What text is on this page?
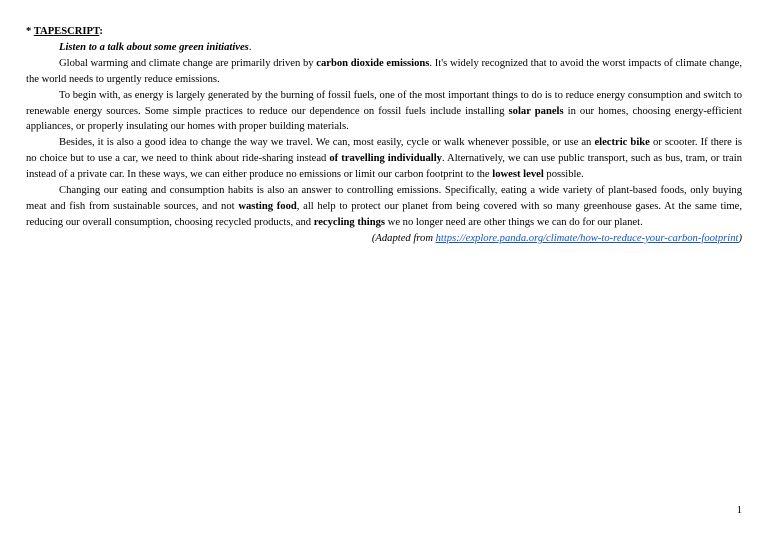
* TAPESCRIPT:

Listen to a talk about some green initiatives.

Global warming and climate change are primarily driven by carbon dioxide emissions. It's widely recognized that to avoid the worst impacts of climate change, the world needs to urgently reduce emissions.

To begin with, as energy is largely generated by the burning of fossil fuels, one of the most important things to do is to reduce energy consumption and switch to renewable energy sources. Some simple practices to reduce our dependence on fossil fuels include installing solar panels in our homes, choosing energy-efficient appliances, or properly insulating our homes with proper building materials.

Besides, it is also a good idea to change the way we travel. We can, most easily, cycle or walk whenever possible, or use an electric bike or scooter. If there is no choice but to use a car, we need to think about ride-sharing instead of travelling individually. Alternatively, we can use public transport, such as bus, tram, or train instead of a private car. In these ways, we can either produce no emissions or limit our carbon footprint to the lowest level possible.

Changing our eating and consumption habits is also an answer to controlling emissions. Specifically, eating a wide variety of plant-based foods, only buying meat and fish from sustainable sources, and not wasting food, all help to protect our planet from being covered with so many greenhouse gases. At the same time, reducing our overall consumption, choosing recycled products, and recycling things we no longer need are other things we can do for our planet.

(Adapted from https://explore.panda.org/climate/how-to-reduce-your-carbon-footprint)

1
